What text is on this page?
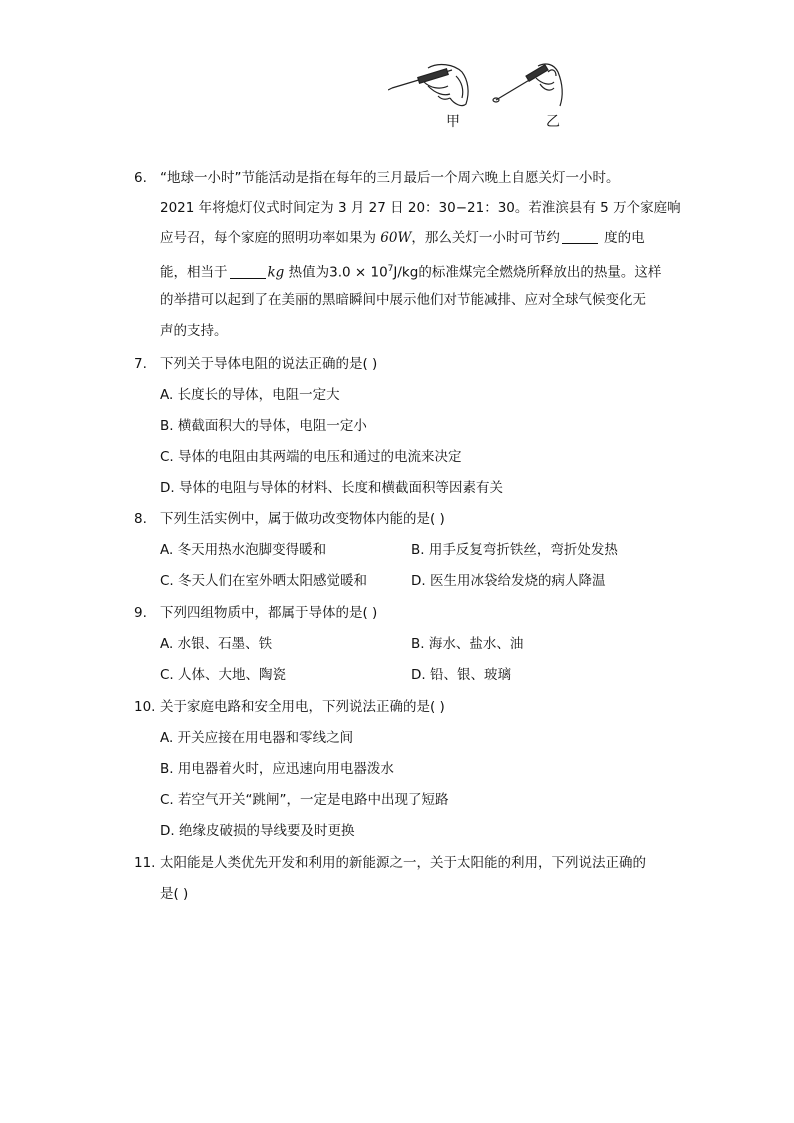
甲	乙
6. “地球一小时”节能活动是指在每年的三月最后一个周六晚上自愿关灯一小时。
2021 年将熄灯仪式时间定为 3 月 27 日 20：30−21：30。若淮滨县有 5 万个家庭响
应号召，每个家庭的照明功率如果为 60W，那么关灯一小时可节约	度的电
能，相当于	kg 热值为$3.0 \times 10^7J/kg$的标准煤完全燃烧所释放出的热量。这样
的举措可以起到了在美丽的黑暗瞬间中展示他们对节能减排、应对全球气候变化无
声的支持。
7. 下列关于导体电阻的说法正确的是( )
A. 长度长的导体，电阻一定大
B. 横截面积大的导体，电阻一定小
C. 导体的电阻由其两端的电压和通过的电流来决定
D. 导体的电阻与导体的材料、长度和横截面积等因素有关
8. 下列生活实例中，属于做功改变物体内能的是( )
A. 冬天用热水泡脚变得暖和	B. 用手反复弯折铁丝，弯折处发热
C. 冬天人们在室外晒太阳感觉暖和	D. 医生用冰袋给发烧的病人降温
9. 下列四组物质中，都属于导体的是( )
A. 水银、石墨、铁	B. 海水、盐水、油
C. 人体、大地、陶瓷	D. 铅、银、玻璃
10. 关于家庭电路和安全用电，下列说法正确的是( )
A. 开关应接在用电器和零线之间
B. 用电器着火时，应迅速向用电器泼水
C. 若空气开关“跳闸”，一定是电路中出现了短路
D. 绝缘皮破损的导线要及时更换
11. 太阳能是人类优先开发和利用的新能源之一，关于太阳能的利用，下列说法正确的
是( )
